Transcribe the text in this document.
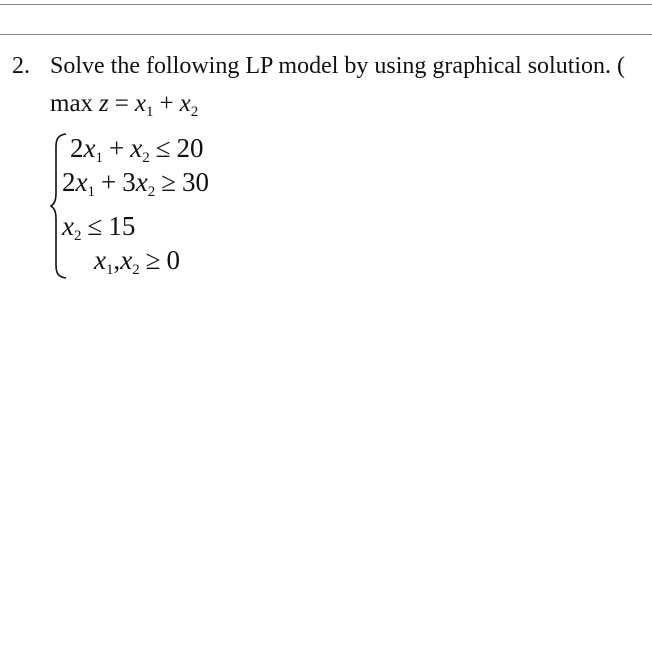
2. Solve the following LP model by using graphical solution. (
$\max z = x_1 + x_2$
$2x_1 + x_2 \le 20$
$2x_1 + 3x_2 \ge 30$
$x_2 \le 15$
$x_1,x_2 \ge 0$
